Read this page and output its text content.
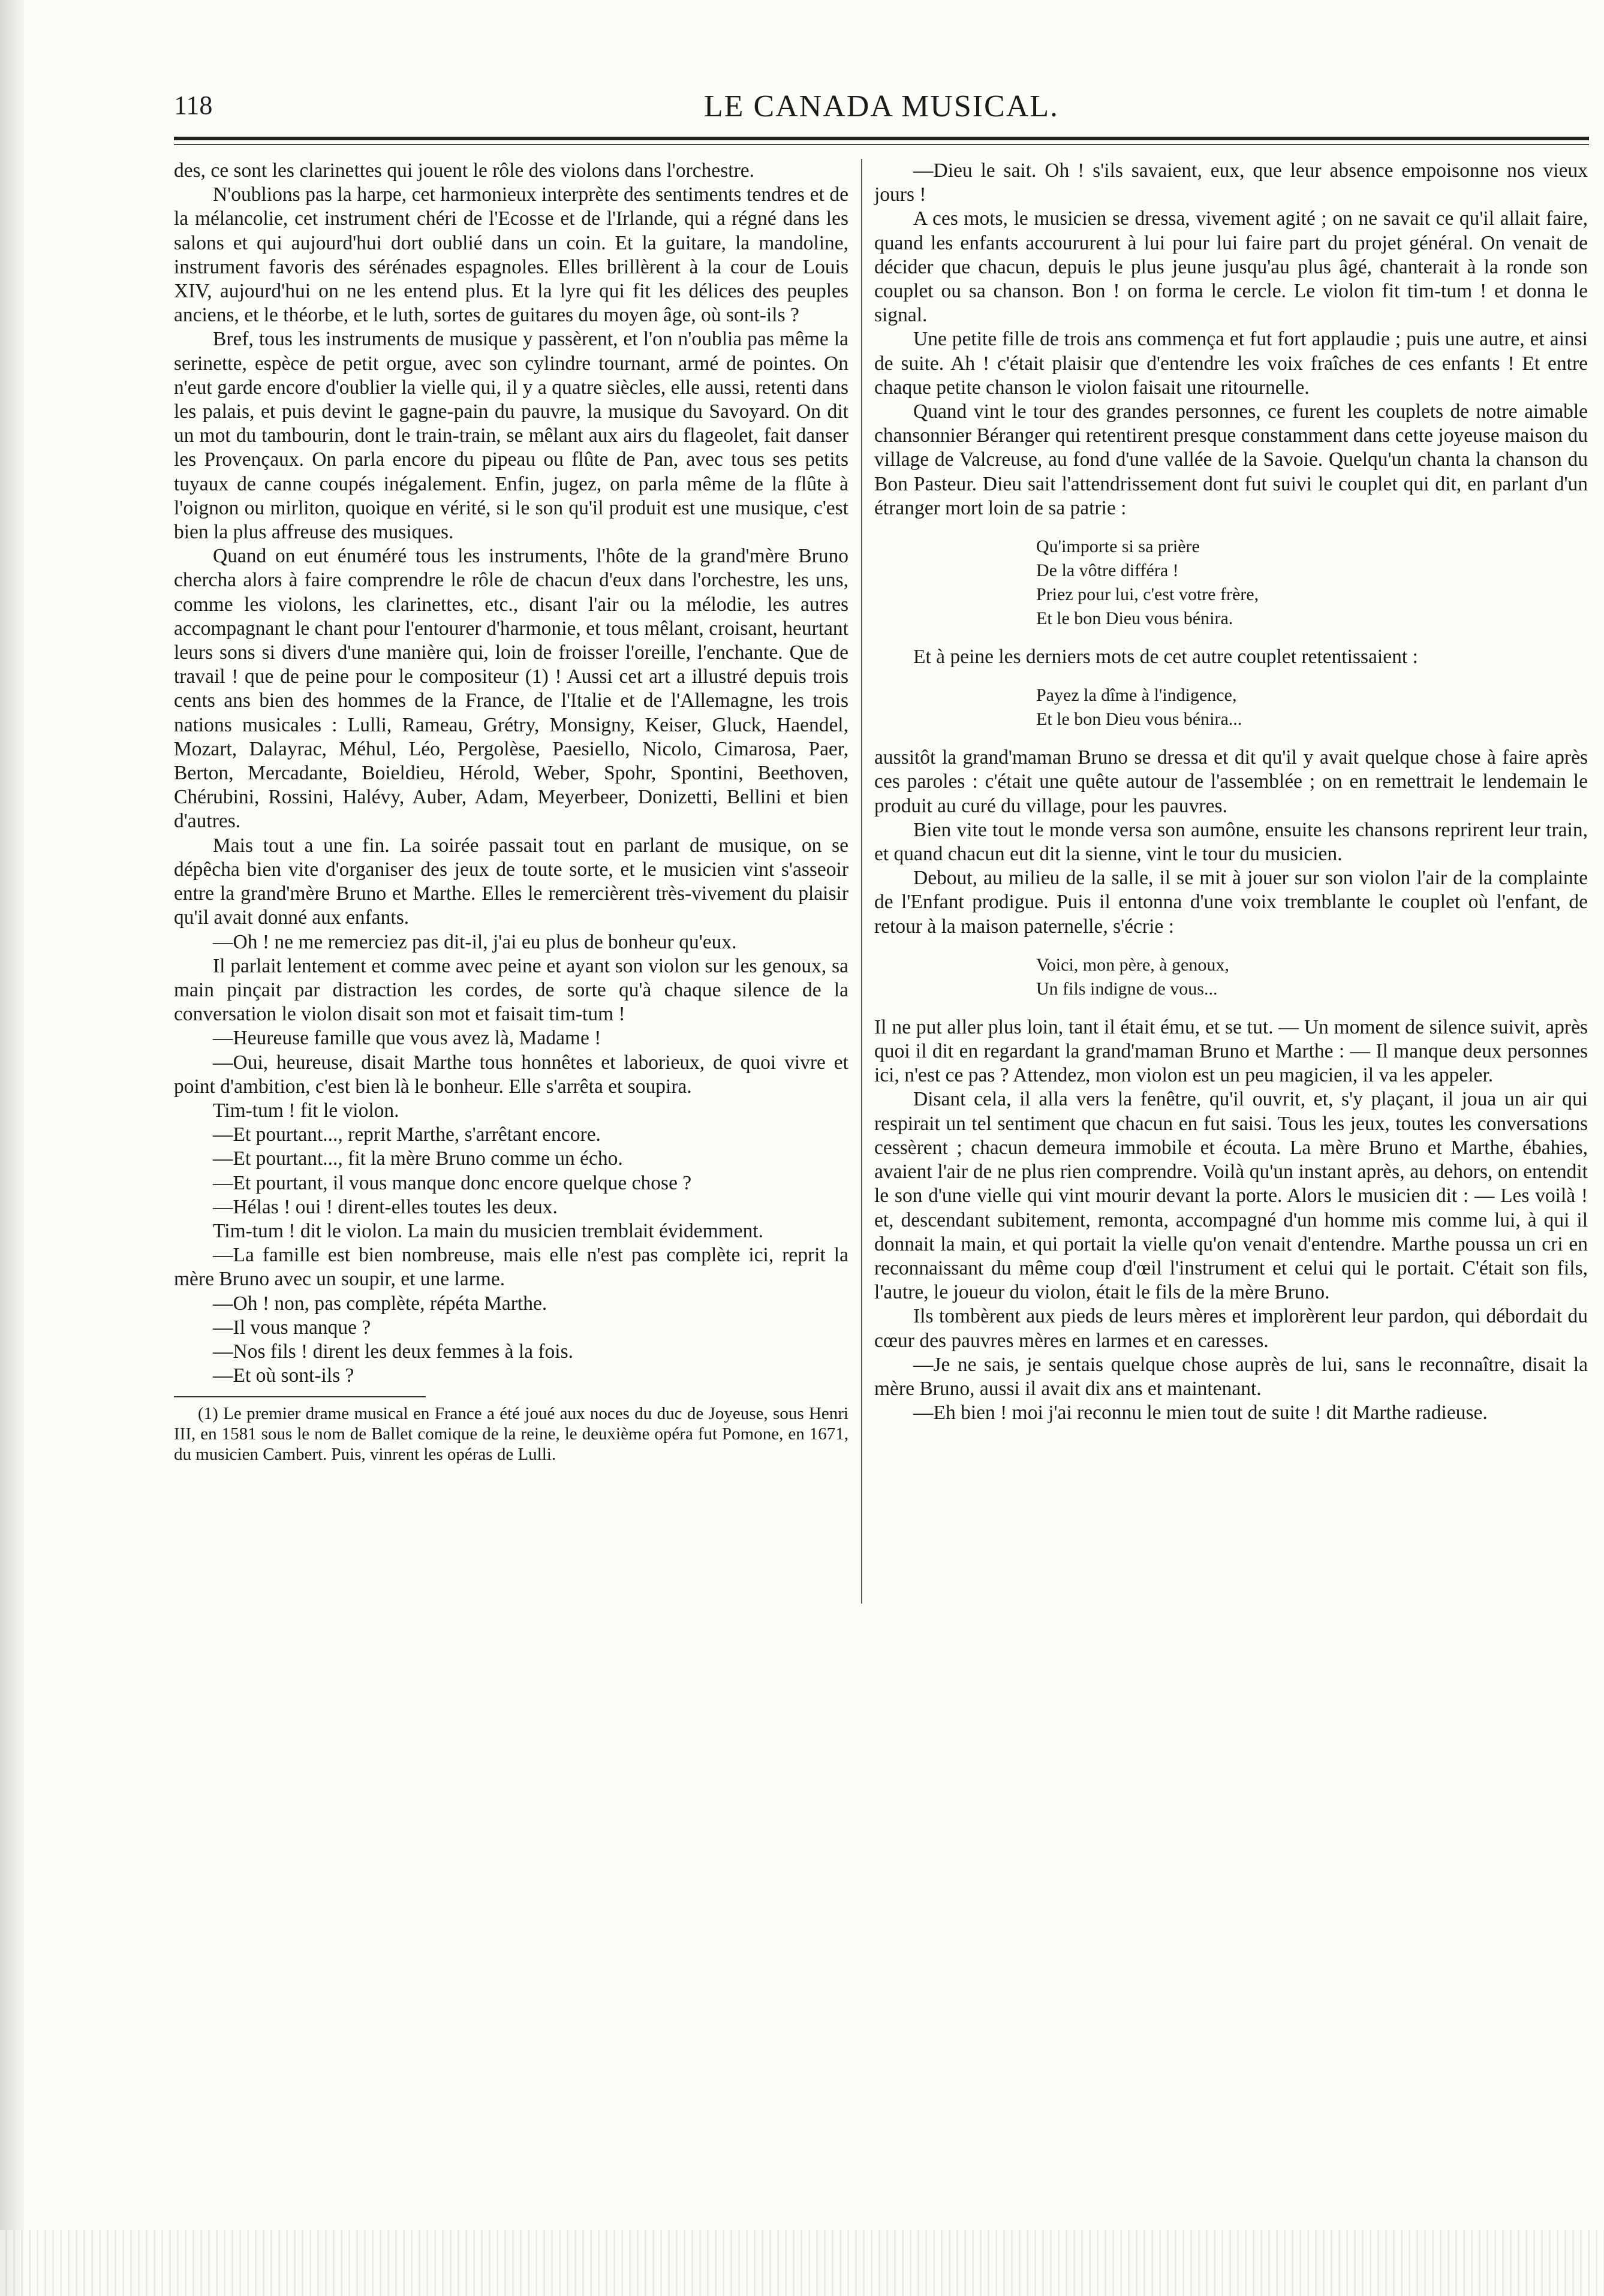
118	LE CANADA MUSICAL.

des, ce sont les clarinettes qui jouent le rôle des violons dans l'orchestre.

N'oublions pas la harpe, cet harmonieux interprète des sentiments tendres et de la mélancolie, cet instrument chéri de l'Ecosse et de l'Irlande, qui a régné dans les salons et qui aujourd'hui dort oublié dans un coin. Et la guitare, la mandoline, instrument favoris des sérénades espagnoles. Elles brillèrent à la cour de Louis XIV, aujourd'hui on ne les entend plus. Et la lyre qui fit les délices des peuples anciens, et le théorbe, et le luth, sortes de guitares du moyen âge, où sont-ils ?

Bref, tous les instruments de musique y passèrent, et l'on n'oublia pas même la serinette, espèce de petit orgue, avec son cylindre tournant, armé de pointes. On n'eut garde encore d'oublier la vielle qui, il y a quatre siècles, elle aussi, retenti dans les palais, et puis devint le gagne-pain du pauvre, la musique du Savoyard. On dit un mot du tambourin, dont le train-train, se mêlant aux airs du flageolet, fait danser les Provençaux. On parla encore du pipeau ou flûte de Pan, avec tous ses petits tuyaux de canne coupés inégalement. Enfin, jugez, on parla même de la flûte à l'oignon ou mirliton, quoique en vérité, si le son qu'il produit est une musique, c'est bien la plus affreuse des musiques.

Quand on eut énuméré tous les instruments, l'hôte de la grand'mère Bruno chercha alors à faire comprendre le rôle de chacun d'eux dans l'orchestre, les uns, comme les violons, les clarinettes, etc., disant l'air ou la mélodie, les autres accompagnant le chant pour l'entourer d'harmonie, et tous mêlant, croisant, heurtant leurs sons si divers d'une manière qui, loin de froisser l'oreille, l'enchante. Que de travail ! que de peine pour le compositeur (1) ! Aussi cet art a illustré depuis trois cents ans bien des hommes de la France, de l'Italie et de l'Allemagne, les trois nations musicales : Lulli, Rameau, Grétry, Monsigny, Keiser, Gluck, Haendel, Mozart, Dalayrac, Méhul, Léo, Pergolèse, Paesiello, Nicolo, Cimarosa, Paer, Berton, Mercadante, Boieldieu, Hérold, Weber, Spohr, Spontini, Beethoven, Chérubini, Rossini, Halévy, Auber, Adam, Meyerbeer, Donizetti, Bellini et bien d'autres.

Mais tout a une fin. La soirée passait tout en parlant de musique, on se dépêcha bien vite d'organiser des jeux de toute sorte, et le musicien vint s'asseoir entre la grand'mère Bruno et Marthe. Elles le remercièrent très-vivement du plaisir qu'il avait donné aux enfants.

—Oh ! ne me remerciez pas dit-il, j'ai eu plus de bonheur qu'eux.

Il parlait lentement et comme avec peine et ayant son violon sur les genoux, sa main pinçait par distraction les cordes, de sorte qu'à chaque silence de la conversation le violon disait son mot et faisait tim-tum !

—Heureuse famille que vous avez là, Madame !

—Oui, heureuse, disait Marthe tous honnêtes et laborieux, de quoi vivre et point d'ambition, c'est bien là le bonheur. Elle s'arrêta et soupira.

Tim-tum ! fit le violon.

—Et pourtant..., reprit Marthe, s'arrêtant encore.

—Et pourtant..., fit la mère Bruno comme un écho.

—Et pourtant, il vous manque donc encore quelque chose ?

—Hélas ! oui ! dirent-elles toutes les deux.

Tim-tum ! dit le violon. La main du musicien tremblait évidemment.

—La famille est bien nombreuse, mais elle n'est pas complète ici, reprit la mère Bruno avec un soupir, et une larme.

—Oh ! non, pas complète, répéta Marthe.

—Il vous manque ?

—Nos fils ! dirent les deux femmes à la fois.

—Et où sont-ils ?

(1) Le premier drame musical en France a été joué aux noces du duc de Joyeuse, sous Henri III, en 1581 sous le nom de Ballet comique de la reine, le deuxième opéra fut Pomone, en 1671, du musicien Cambert. Puis, vinrent les opéras de Lulli.

—Dieu le sait. Oh ! s'ils savaient, eux, que leur absence empoisonne nos vieux jours !

A ces mots, le musicien se dressa, vivement agité ; on ne savait ce qu'il allait faire, quand les enfants accoururent à lui pour lui faire part du projet général. On venait de décider que chacun, depuis le plus jeune jusqu'au plus âgé, chanterait à la ronde son couplet ou sa chanson. Bon ! on forma le cercle. Le violon fit tim-tum ! et donna le signal.

Une petite fille de trois ans commença et fut fort applaudie ; puis une autre, et ainsi de suite. Ah ! c'était plaisir que d'entendre les voix fraîches de ces enfants ! Et entre chaque petite chanson le violon faisait une ritournelle.

Quand vint le tour des grandes personnes, ce furent les couplets de notre aimable chansonnier Béranger qui retentirent presque constamment dans cette joyeuse maison du village de Valcreuse, au fond d'une vallée de la Savoie. Quelqu'un chanta la chanson du Bon Pasteur. Dieu sait l'attendrissement dont fut suivi le couplet qui dit, en parlant d'un étranger mort loin de sa patrie :

Qu'importe si sa prière
De la vôtre différa !
Priez pour lui, c'est votre frère,
Et le bon Dieu vous bénira.

Et à peine les derniers mots de cet autre couplet retentissaient :

Payez la dîme à l'indigence,
Et le bon Dieu vous bénira...

aussitôt la grand'maman Bruno se dressa et dit qu'il y avait quelque chose à faire après ces paroles : c'était une quête autour de l'assemblée ; on en remettrait le lendemain le produit au curé du village, pour les pauvres.

Bien vite tout le monde versa son aumône, ensuite les chansons reprirent leur train, et quand chacun eut dit la sienne, vint le tour du musicien.

Debout, au milieu de la salle, il se mit à jouer sur son violon l'air de la complainte de l'Enfant prodigue. Puis il entonna d'une voix tremblante le couplet où l'enfant, de retour à la maison paternelle, s'écrie :

Voici, mon père, à genoux,
Un fils indigne de vous...

Il ne put aller plus loin, tant il était ému, et se tut. — Un moment de silence suivit, après quoi il dit en regardant la grand'maman Bruno et Marthe : — Il manque deux personnes ici, n'est ce pas ? Attendez, mon violon est un peu magicien, il va les appeler.

Disant cela, il alla vers la fenêtre, qu'il ouvrit, et, s'y plaçant, il joua un air qui respirait un tel sentiment que chacun en fut saisi. Tous les jeux, toutes les conversations cessèrent ; chacun demeura immobile et écouta. La mère Bruno et Marthe, ébahies, avaient l'air de ne plus rien comprendre. Voilà qu'un instant après, au dehors, on entendit le son d'une vielle qui vint mourir devant la porte. Alors le musicien dit : — Les voilà ! et, descendant subitement, remonta, accompagné d'un homme mis comme lui, à qui il donnait la main, et qui portait la vielle qu'on venait d'entendre. Marthe poussa un cri en reconnaissant du même coup d'œil l'instrument et celui qui le portait. C'était son fils, l'autre, le joueur du violon, était le fils de la mère Bruno.

Ils tombèrent aux pieds de leurs mères et implorèrent leur pardon, qui débordait du cœur des pauvres mères en larmes et en caresses.

—Je ne sais, je sentais quelque chose auprès de lui, sans le reconnaître, disait la mère Bruno, aussi il avait dix ans et maintenant.

—Eh bien ! moi j'ai reconnu le mien tout de suite ! dit Marthe radieuse.
